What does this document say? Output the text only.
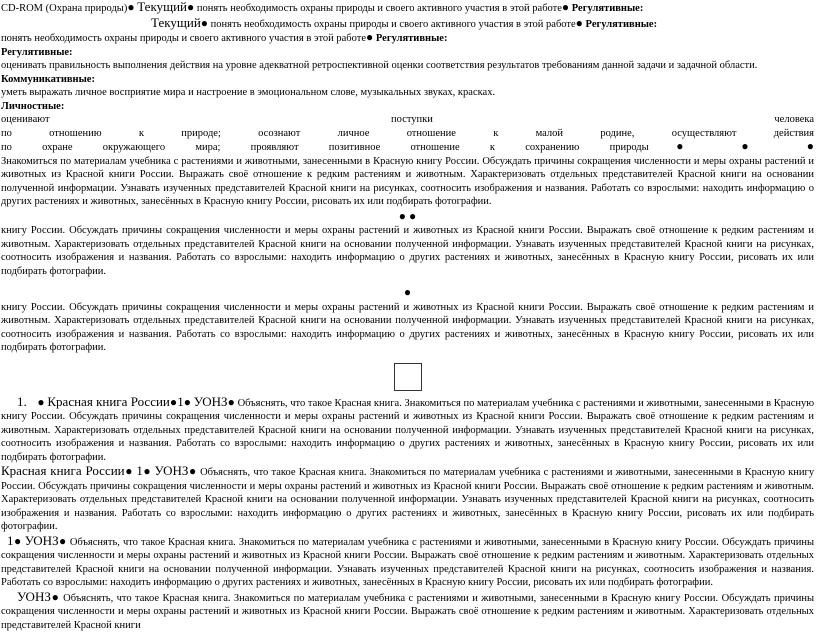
CD-ROM (Охрана природы)● Текущий● понять необходимость охраны природы и своего активного участия в этой работе● Регулятивные:

Текущий● понять необходимость охраны природы и своего активного участия в этой работе● Регулятивные:

понять необходимость охраны природы и своего активного участия в этой работе● Регулятивные:

Регулятивные:

оценивать правильность выполнения действия на уровне адекватной ретроспективной оценки соответствия результатов требованиям данной задачи и задачной области.

Коммуникативные:

уметь выражать личное восприятие мира и настроение в эмоциональном слове, музыкальных звуках, красках.

Личностные:

оценивают поступки человека

по отношению к природе; осознают личное отношение к малой родине, осуществляют действия

по охране окружающего мира; проявляют позитивное отношение к сохранению природы●	● ●

Знакомиться по материалам учебника с растениями и животными, занесенными в Красную книгу России. Обсуждать причины сокращения численности и меры охраны растений и животных из Красной книги России. Выражать своё отношение к редким растениям и животным. Характеризовать отдельных представителей Красной книги на основании полученной информации. Узнавать изученных представителей Красной книги на рисунках, соотносить изображения и названия. Работать со взрослыми: находить информацию о других растениях и животных, занесённых в Красную книгу России, рисовать их или подбирать фотографии.

● ●

книгу России. Обсуждать причины сокращения численности и меры охраны растений и животных из Красной книги России. Выражать своё отношение к редким растениям и животным. Характеризовать отдельных представителей Красной книги на основании полученной информации. Узнавать изученных представителей Красной книги на рисунках, соотносить изображения и названия. Работать со взрослыми: находить информацию о других растениях и животных, занесённых в Красную книгу России, рисовать их или подбирать фотографии.

●

книгу России. Обсуждать причины сокращения численности и меры охраны растений и животных из Красной книги России. Выражать своё отношение к редким растениям и животным. Характеризовать отдельных представителей Красной книги на основании полученной информации. Узнавать изученных представителей Красной книги на рисунках, соотносить изображения и названия. Работать со взрослыми: находить информацию о других растениях и животных, занесённых в Красную книгу России, рисовать их или подбирать фотографии.

1. ● Красная книга России●1● УОНЗ● Объяснять, что такое Красная книга. Знакомиться по материалам учебника с растениями и животными, занесенными в Красную книгу России. Обсуждать причины сокращения численности и меры охраны растений и животных из Красной книги России. Выражать своё отношение к редким растениям и животным. Характеризовать отдельных представителей Красной книги на основании полученной информации. Узнавать изученных представителей Красной книги на рисунках, соотносить изображения и названия. Работать со взрослыми: находить информацию о других растениях и животных, занесённых в Красную книгу России, рисовать их или подбирать фотографии.

Красная книга России● 1● УОНЗ● Объяснять, что такое Красная книга. Знакомиться по материалам учебника с растениями и животными, занесенными в Красную книгу России. Обсуждать причины сокращения численности и меры охраны растений и животных из Красной книги России. Выражать своё отношение к редким растениям и животным. Характеризовать отдельных представителей Красной книги на основании полученной информации. Узнавать изученных представителей Красной книги на рисунках, соотносить изображения и названия. Работать со взрослыми: находить информацию о других растениях и животных, занесённых в Красную книгу России, рисовать их или подбирать фотографии.

1● УОНЗ● Объяснять, что такое Красная книга. Знакомиться по материалам учебника с растениями и животными, занесенными в Красную книгу России. Обсуждать причины сокращения численности и меры охраны растений и животных из Красной книги России. Выражать своё отношение к редким растениям и животным. Характеризовать отдельных представителей Красной книги на основании полученной информации. Узнавать изученных представителей Красной книги на рисунках, соотносить изображения и названия. Работать со взрослыми: находить информацию о других растениях и животных, занесённых в Красную книгу России, рисовать их или подбирать фотографии.

УОНЗ● Объяснять, что такое Красная книга. Знакомиться по материалам учебника с растениями и животными, занесенными в Красную книгу России. Обсуждать причины сокращения численности и меры охраны растений и животных из Красной книги России. Выражать своё отношение к редким растениям и животным. Характеризовать отдельных представителей Красной книги
